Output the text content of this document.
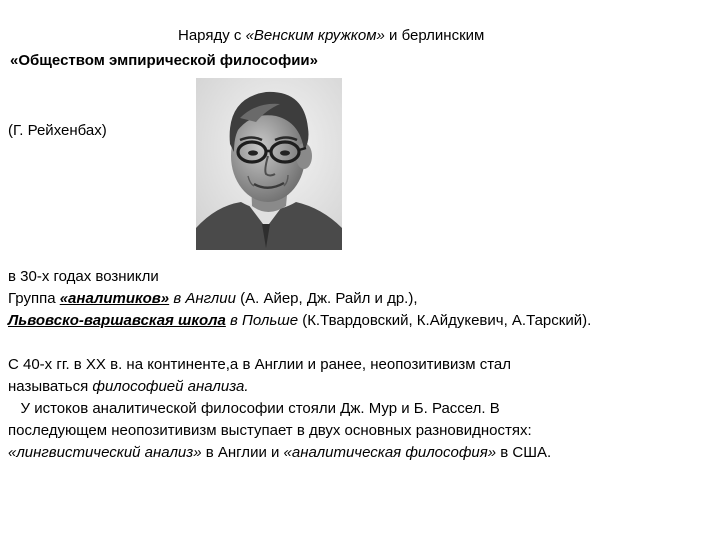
Наряду с «Венским кружком» и берлинским
«Обществом эмпирической философии»
(Г. Рейхенбах)
в 30-х годах возникли
Группа «аналитиков» в Англии (А. Айер, Дж. Райл и др.),
Львовско-варшавская школа в Польше (К.Твардовский, К.Айдукевич, А.Тарский).
С 40-х гг. в XX в. на континенте,а в Англии и ранее, неопозитивизм стал
называться философией анализа.
У истоков аналитической философии стояли Дж. Мур и Б. Рассел. В
последующем неопозитивизм выступает в двух основных разновидностях:
«лингвистический анализ» в Англии и «аналитическая философия» в США.
